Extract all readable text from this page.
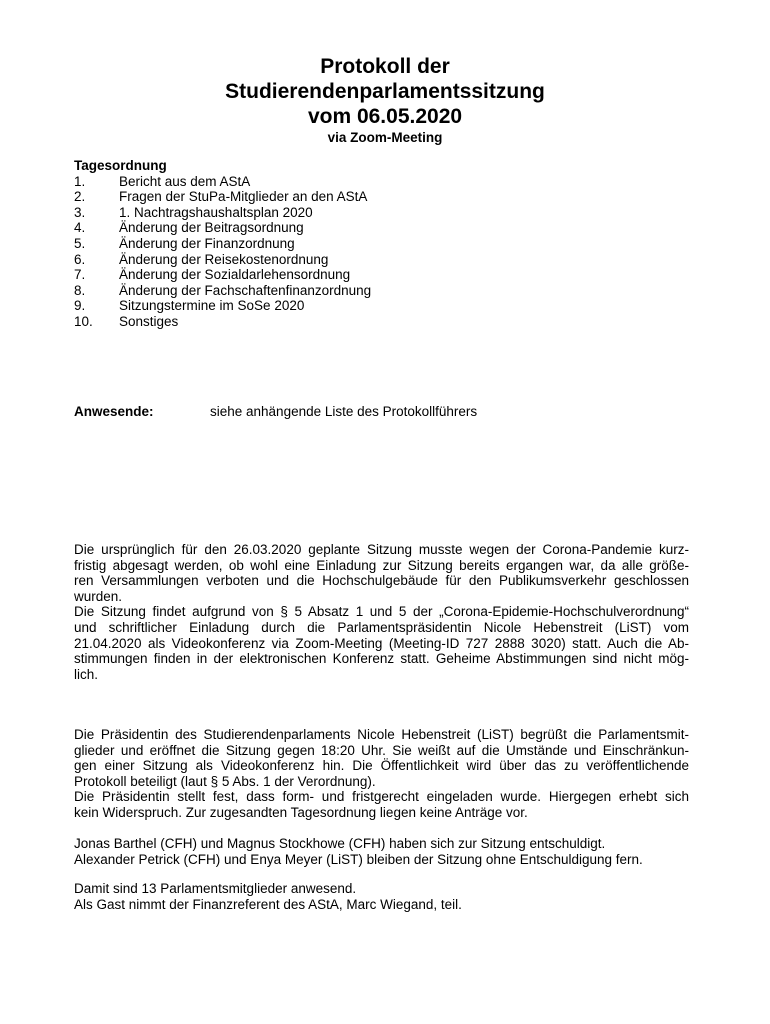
Protokoll der
Studierendenparlamentssitzung
vom 06.05.2020
via Zoom-Meeting
Tagesordnung
1.	Bericht aus dem AStA
2.	Fragen der StuPa-Mitglieder an den AStA
3.	1. Nachtragshaushaltsplan 2020
4.	Änderung der Beitragsordnung
5.	Änderung der Finanzordnung
6.	Änderung der Reisekostenordnung
7.	Änderung der Sozialdarlehensordnung
8.	Änderung der Fachschaftenfinanzordnung
9.	Sitzungstermine im SoSe 2020
10.	Sonstiges
Anwesende:	siehe anhängende Liste des Protokollführers

Die ursprünglich für den 26.03.2020 geplante Sitzung musste wegen der Corona-Pandemie kurz-

fristig abgesagt werden, ob wohl eine Einladung zur Sitzung bereits ergangen war, da alle größe-

ren Versammlungen verboten und die Hochschulgebäude für den Publikumsverkehr geschlossen

wurden.

Die Sitzung findet aufgrund von § 5 Absatz 1 und 5 der „Corona-Epidemie-Hochschulverordnung“

und schriftlicher Einladung durch die Parlamentspräsidentin Nicole Hebenstreit (LiST) vom

21.04.2020 als Videokonferenz via Zoom-Meeting (Meeting-ID 727 2888 3020) statt. Auch die Ab-

stimmungen finden in der elektronischen Konferenz statt. Geheime Abstimmungen sind nicht mög-

lich.

Die Präsidentin des Studierendenparlaments Nicole Hebenstreit (LiST) begrüßt die Parlamentsmit-

glieder und eröffnet die Sitzung gegen 18:20 Uhr. Sie weißt auf die Umstände und Einschränkun-

gen einer Sitzung als Videokonferenz hin. Die Öffentlichkeit wird über das zu veröffentlichende

Protokoll beteiligt (laut § 5 Abs. 1 der Verordnung).

Die Präsidentin stellt fest, dass form- und fristgerecht eingeladen wurde. Hiergegen erhebt sich

kein Widerspruch. Zur zugesandten Tagesordnung liegen keine Anträge vor.

Jonas Barthel (CFH) und Magnus Stockhowe (CFH) haben sich zur Sitzung entschuldigt.

Alexander Petrick (CFH) und Enya Meyer (LiST) bleiben der Sitzung ohne Entschuldigung fern.

Damit sind 13 Parlamentsmitglieder anwesend.

Als Gast nimmt der Finanzreferent des AStA, Marc Wiegand, teil.
